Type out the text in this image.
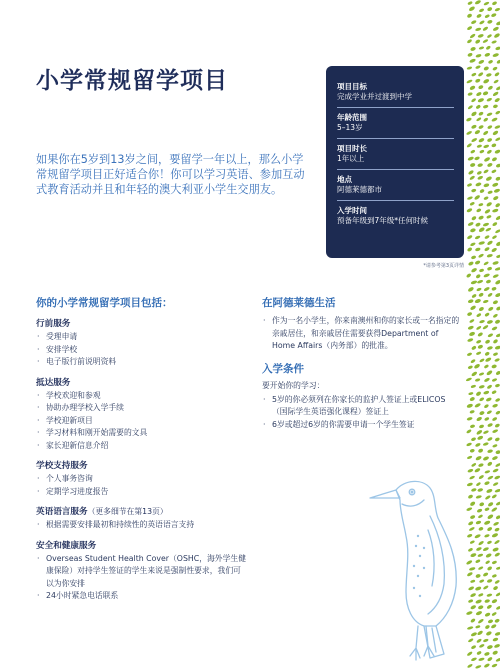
小学常规留学项目
如果你在5岁到13岁之间，要留学一年以上，那么小学常规留学项目正好适合你！你可以学习英语、参加互动式教育活动并且和年轻的澳大利亚小学生交朋友。
项目目标
完成学业并过渡到中学
年龄范围
5–13岁
项目时长
1年以上
地点
阿德莱德都市
入学时间
预备年级到7年级*任何时候
*请参考第3页详情
你的小学常规留学项目包括：
行前服务
· 受理申请
· 安排学校
· 电子版行前说明资料
抵达服务
· 学校欢迎和参观
· 协助办理学校入学手续
· 学校迎新项目
· 学习材料和刚开始需要的文具
· 家长迎新信息介绍
学校支持服务
· 个人事务咨询
· 定期学习进度报告
英语语言服务（更多细节在第13页）
· 根据需要安排最初和持续性的英语语言支持
安全和健康服务
· Overseas Student Health Cover（OSHC，海外学生健康保险）对持学生签证的学生来说是强制性要求，我们可以为你安排
· 24小时紧急电话联系
在阿德莱德生活
· 作为一名小学生，你来南澳州和你的家长或一名指定的亲戚居住，和亲戚居住需要获得Department of Home Affairs（内务部）的批准。
入学条件

要开始你的学习：

· 5岁的你必须列在你家长的监护人签证上或ELICOS（国际学生英语强化课程）签证上
· 6岁或超过6岁的你需要申请一个学生签证
